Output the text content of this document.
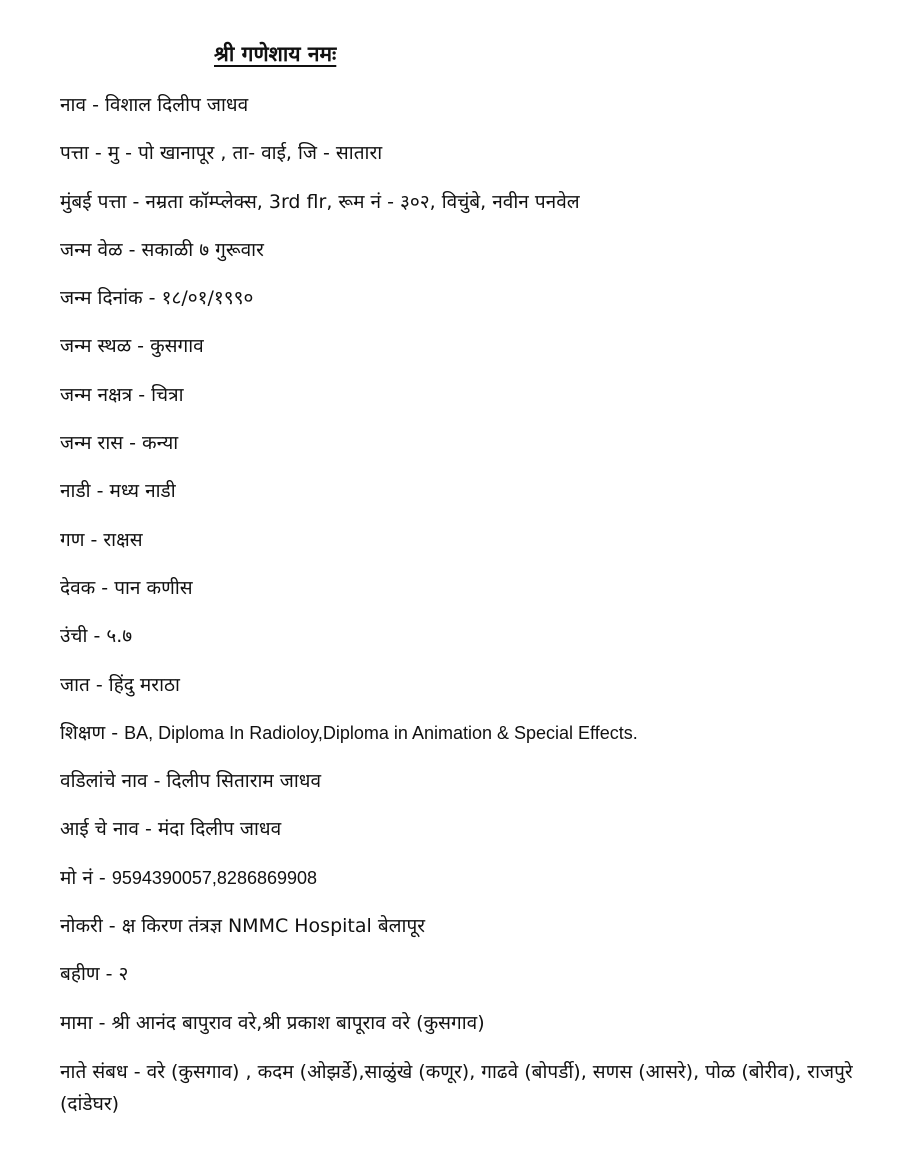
श्री गणेशाय नमः
नाव - विशाल दिलीप जाधव
पत्ता - मु - पो खानापूर , ता- वाई, जि - सातारा
मुंबई पत्ता - नम्रता कॉम्प्लेक्स, 3rd flr, रूम नं - ३०२, विचुंबे, नवीन पनवेल
जन्म वेळ - सकाळी ७ गुरूवार
जन्म दिनांक - १८/०१/१९९०
जन्म स्थळ - कुसगाव
जन्म नक्षत्र - चित्रा
जन्म रास - कन्या
नाडी - मध्य नाडी
गण - राक्षस
देवक - पान कणीस
उंची - ५.७
जात - हिंदु मराठा
शिक्षण - BA, Diploma In Radioloy,Diploma in Animation & Special Effects.
वडिलांचे नाव - दिलीप सिताराम जाधव
आई चे नाव - मंदा दिलीप जाधव
मो नं - 9594390057,8286869908
नोकरी - क्ष किरण तंत्रज्ञ NMMC Hospital बेलापूर
बहीण - २
मामा - श्री आनंद बापुराव वरे,श्री प्रकाश बापूराव वरे (कुसगाव)
नाते संबध - वरे (कुसगाव) , कदम (ओझर्डे),साळुंखे (कणूर), गाढवे (बोपर्डी), सणस (आसरे), पोळ (बोरीव), राजपुरे (दांडेघर)
